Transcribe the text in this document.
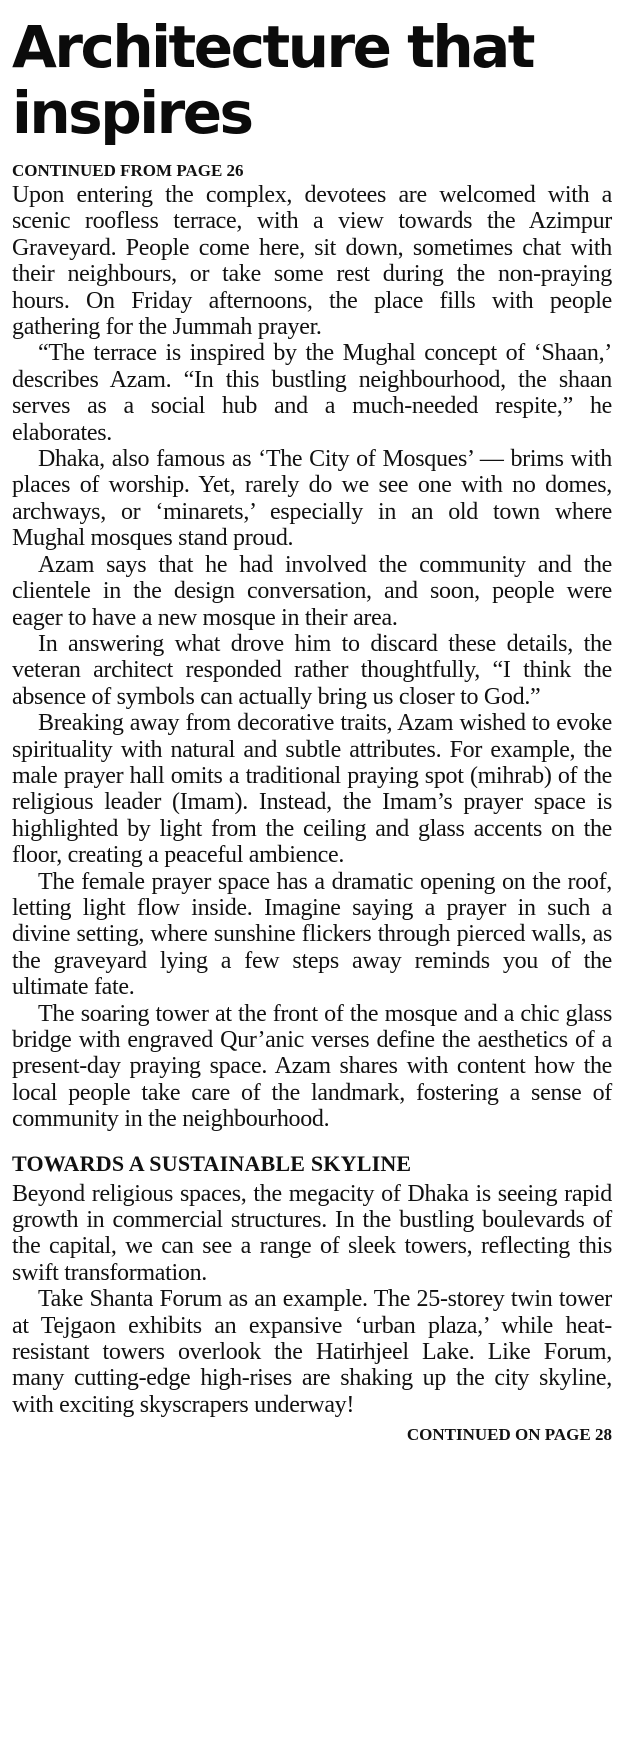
Architecture that inspires
CONTINUED FROM PAGE 26

Upon entering the complex, devotees are welcomed with a scenic roofless terrace, with a view towards the Azimpur Graveyard. People come here, sit down, sometimes chat with their neighbours, or take some rest during the non-praying hours. On Friday afternoons, the place fills with people gathering for the Jummah prayer.

“The terrace is inspired by the Mughal concept of ‘Shaan,’ describes Azam. “In this bustling neighbourhood, the shaan serves as a social hub and a much-needed respite,” he elaborates.

Dhaka, also famous as ‘The City of Mosques’ — brims with places of worship. Yet, rarely do we see one with no domes, archways, or ‘minarets,’ especially in an old town where Mughal mosques stand proud.

Azam says that he had involved the community and the clientele in the design conversation, and soon, people were eager to have a new mosque in their area.

In answering what drove him to discard these details, the veteran architect responded rather thoughtfully, “I think the absence of symbols can actually bring us closer to God.”

Breaking away from decorative traits, Azam wished to evoke spirituality with natural and subtle attributes. For example, the male prayer hall omits a traditional praying spot (mihrab) of the religious leader (Imam). Instead, the Imam’s prayer space is highlighted by light from the ceiling and glass accents on the floor, creating a peaceful ambience.

The female prayer space has a dramatic opening on the roof, letting light flow inside. Imagine saying a prayer in such a divine setting, where sunshine flickers through pierced walls, as the graveyard lying a few steps away reminds you of the ultimate fate.

The soaring tower at the front of the mosque and a chic glass bridge with engraved Qur’anic verses define the aesthetics of a present-day praying space. Azam shares with content how the local people take care of the landmark, fostering a sense of community in the neighbourhood.

TOWARDS A SUSTAINABLE SKYLINE

Beyond religious spaces, the megacity of Dhaka is seeing rapid growth in commercial structures. In the bustling boulevards of the capital, we can see a range of sleek towers, reflecting this swift transformation.

Take Shanta Forum as an example. The 25-storey twin tower at Tejgaon exhibits an expansive ‘urban plaza,’ while heat-resistant towers overlook the Hatirhjeel Lake. Like Forum, many cutting-edge high-rises are shaking up the city skyline, with exciting skyscrapers underway!

CONTINUED ON PAGE 28
